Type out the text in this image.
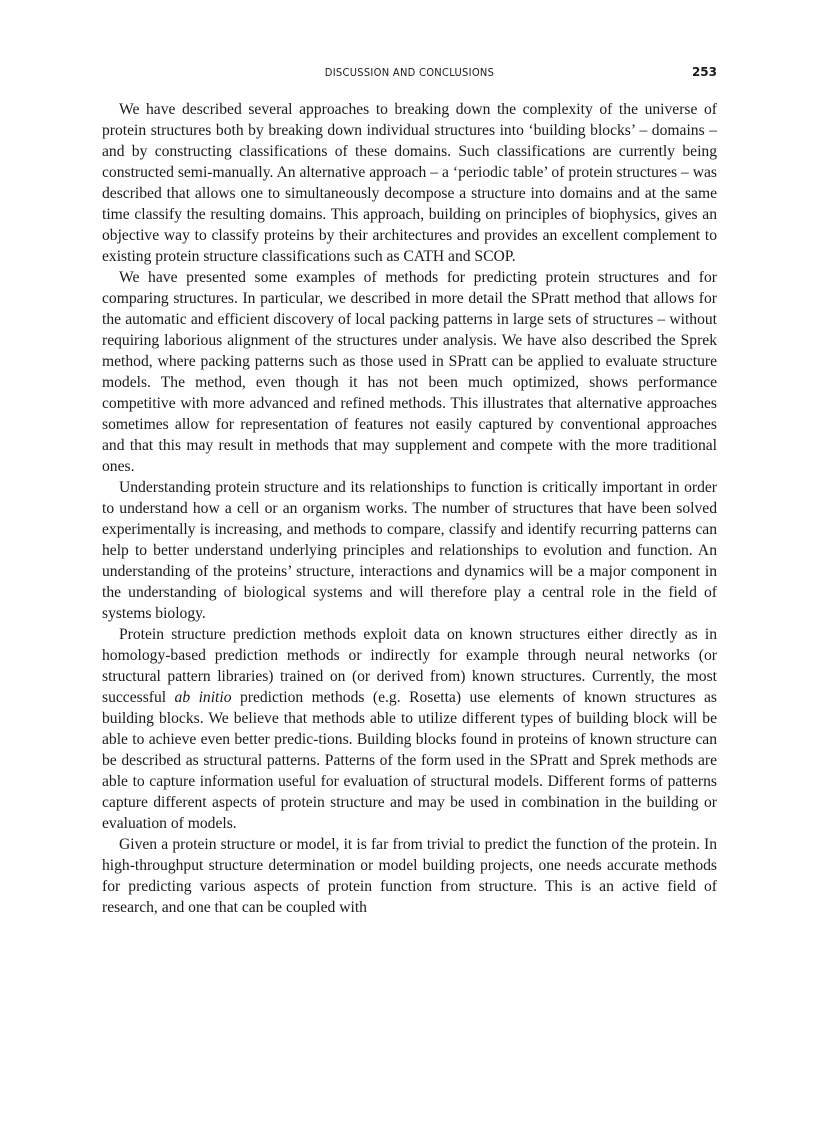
DISCUSSION AND CONCLUSIONS	253

We have described several approaches to breaking down the complexity of the universe of protein structures both by breaking down individual structures into ‘building blocks’ – domains – and by constructing classifications of these domains. Such classifications are currently being constructed semi-manually. An alternative approach – a ‘periodic table’ of protein structures – was described that allows one to simultaneously decompose a structure into domains and at the same time classify the resulting domains. This approach, building on principles of biophysics, gives an objective way to classify proteins by their architectures and provides an excellent complement to existing protein structure classifications such as CATH and SCOP.

We have presented some examples of methods for predicting protein structures and for comparing structures. In particular, we described in more detail the SPratt method that allows for the automatic and efficient discovery of local packing patterns in large sets of structures – without requiring laborious alignment of the structures under analysis. We have also described the Sprek method, where packing patterns such as those used in SPratt can be applied to evaluate structure models. The method, even though it has not been much optimized, shows performance competitive with more advanced and refined methods. This illustrates that alternative approaches sometimes allow for representation of features not easily captured by conventional approaches and that this may result in methods that may supplement and compete with the more traditional ones.

Understanding protein structure and its relationships to function is critically important in order to understand how a cell or an organism works. The number of structures that have been solved experimentally is increasing, and methods to compare, classify and identify recurring patterns can help to better understand underlying principles and relationships to evolution and function. An understanding of the proteins’ structure, interactions and dynamics will be a major component in the understanding of biological systems and will therefore play a central role in the field of systems biology.

Protein structure prediction methods exploit data on known structures either directly as in homology-based prediction methods or indirectly for example through neural networks (or structural pattern libraries) trained on (or derived from) known structures. Currently, the most successful ab initio prediction methods (e.g. Rosetta) use elements of known structures as building blocks. We believe that methods able to utilize different types of building block will be able to achieve even better predic-tions. Building blocks found in proteins of known structure can be described as structural patterns. Patterns of the form used in the SPratt and Sprek methods are able to capture information useful for evaluation of structural models. Different forms of patterns capture different aspects of protein structure and may be used in combination in the building or evaluation of models.

Given a protein structure or model, it is far from trivial to predict the function of the protein. In high-throughput structure determination or model building projects, one needs accurate methods for predicting various aspects of protein function from structure. This is an active field of research, and one that can be coupled with
